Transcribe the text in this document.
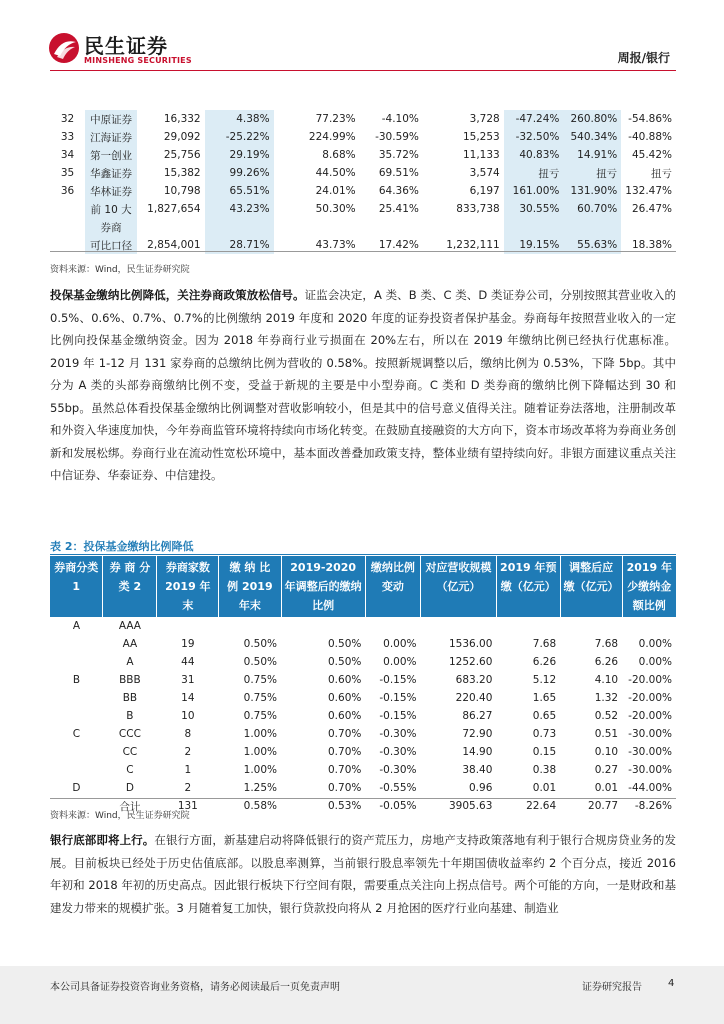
民生证券
MINSHENG SECURITIES	周报/银行
32	中原证券	16,332	4.38%	77.23%	-4.10%	3,728	-47.24%	260.80%	-54.86%
33	江海证券	29,092	-25.22%	224.99%	-30.59%	15,253	-32.50%	540.34%	-40.88%
34	第一创业	25,756	29.19%	8.68%	35.72%	11,133	40.83%	14.91%	45.42%
35	华鑫证券	15,382	99.26%	44.50%	69.51%	3,574	扭亏	扭亏	扭亏
36	华林证券	10,798	65.51%	24.01%	64.36%	6,197	161.00%	131.90%	132.47%
	前 10 大	1,827,654	43.23%	50.30%	25.41%	833,738	30.55%	60.70%	26.47%
	券商								
	可比口径	2,854,001	28.71%	43.73%	17.42%	1,232,111	19.15%	55.63%	18.38%
资料来源：Wind，民生证券研究院
投保基金缴纳比例降低，关注券商政策放松信号。证监会决定，A 类、B 类、C 类、D 类证券公司，分别按照其营业收入的 0.5%、0.6%、0.7%、0.7%的比例缴纳 2019 年度和 2020 年度的证券投资者保护基金。券商每年按照营业收入的一定比例向投保基金缴纳资金。因为 2018 年券商行业亏损面在 20%左右，所以在 2019 年缴纳比例已经执行优惠标准。2019 年 1-12 月 131 家券商的总缴纳比例为营收的 0.58%。按照新规调整以后，缴纳比例为 0.53%，下降 5bp。其中分为 A 类的头部券商缴纳比例不变，受益于新规的主要是中小型券商。C 类和 D 类券商的缴纳比例下降幅达到 30 和 55bp。虽然总体看投保基金缴纳比例调整对营收影响较小，但是其中的信号意义值得关注。随着证券法落地，注册制改革和外资入华速度加快，今年券商监管环境将持续向市场化转变。在鼓励直接融资的大方向下，资本市场改革将为券商业务创新和发展松绑。券商行业在流动性宽松环境中，基本面改善叠加政策支持，整体业绩有望持续向好。非银方面建议重点关注中信证券、华泰证券、中信建投。
表 2：投保基金缴纳比例降低
券商分类 1	券 商 分类 2	券商家数 2019 年末	缴 纳 比 例 2019 年末	2019-2020 年调整后的缴纳比例	缴纳比例变动	对应营收规模（亿元）	2019 年预缴（亿元）	调整后应缴（亿元）	2019 年少缴纳金额比例
A	AAA								
	AA	19	0.50%	0.50%	0.00%	1536.00	7.68	7.68	0.00%
	A	44	0.50%	0.50%	0.00%	1252.60	6.26	6.26	0.00%
B	BBB	31	0.75%	0.60%	-0.15%	683.20	5.12	4.10	-20.00%
	BB	14	0.75%	0.60%	-0.15%	220.40	1.65	1.32	-20.00%
	B	10	0.75%	0.60%	-0.15%	86.27	0.65	0.52	-20.00%
C	CCC	8	1.00%	0.70%	-0.30%	72.90	0.73	0.51	-30.00%
	CC	2	1.00%	0.70%	-0.30%	14.90	0.15	0.10	-30.00%
	C	1	1.00%	0.70%	-0.30%	38.40	0.38	0.27	-30.00%
D	D	2	1.25%	0.70%	-0.55%	0.96	0.01	0.01	-44.00%
	合计	131	0.58%	0.53%	-0.05%	3905.63	22.64	20.77	-8.26%
资料来源：Wind，民生证券研究院
银行底部即将上行。在银行方面，新基建启动将降低银行的资产荒压力，房地产支持政策落地有利于银行合规房贷业务的发展。目前板块已经处于历史估值底部。以股息率测算，当前银行股息率领先十年期国债收益率约 2 个百分点，接近 2016 年初和 2018 年初的历史高点。因此银行板块下行空间有限，需要重点关注向上拐点信号。两个可能的方向，一是财政和基建发力带来的规模扩张。3 月随着复工加快，银行贷款投向将从 2 月抢困的医疗行业向基建、制造业
本公司具备证券投资咨询业务资格，请务必阅读最后一页免责声明	证券研究报告	4
